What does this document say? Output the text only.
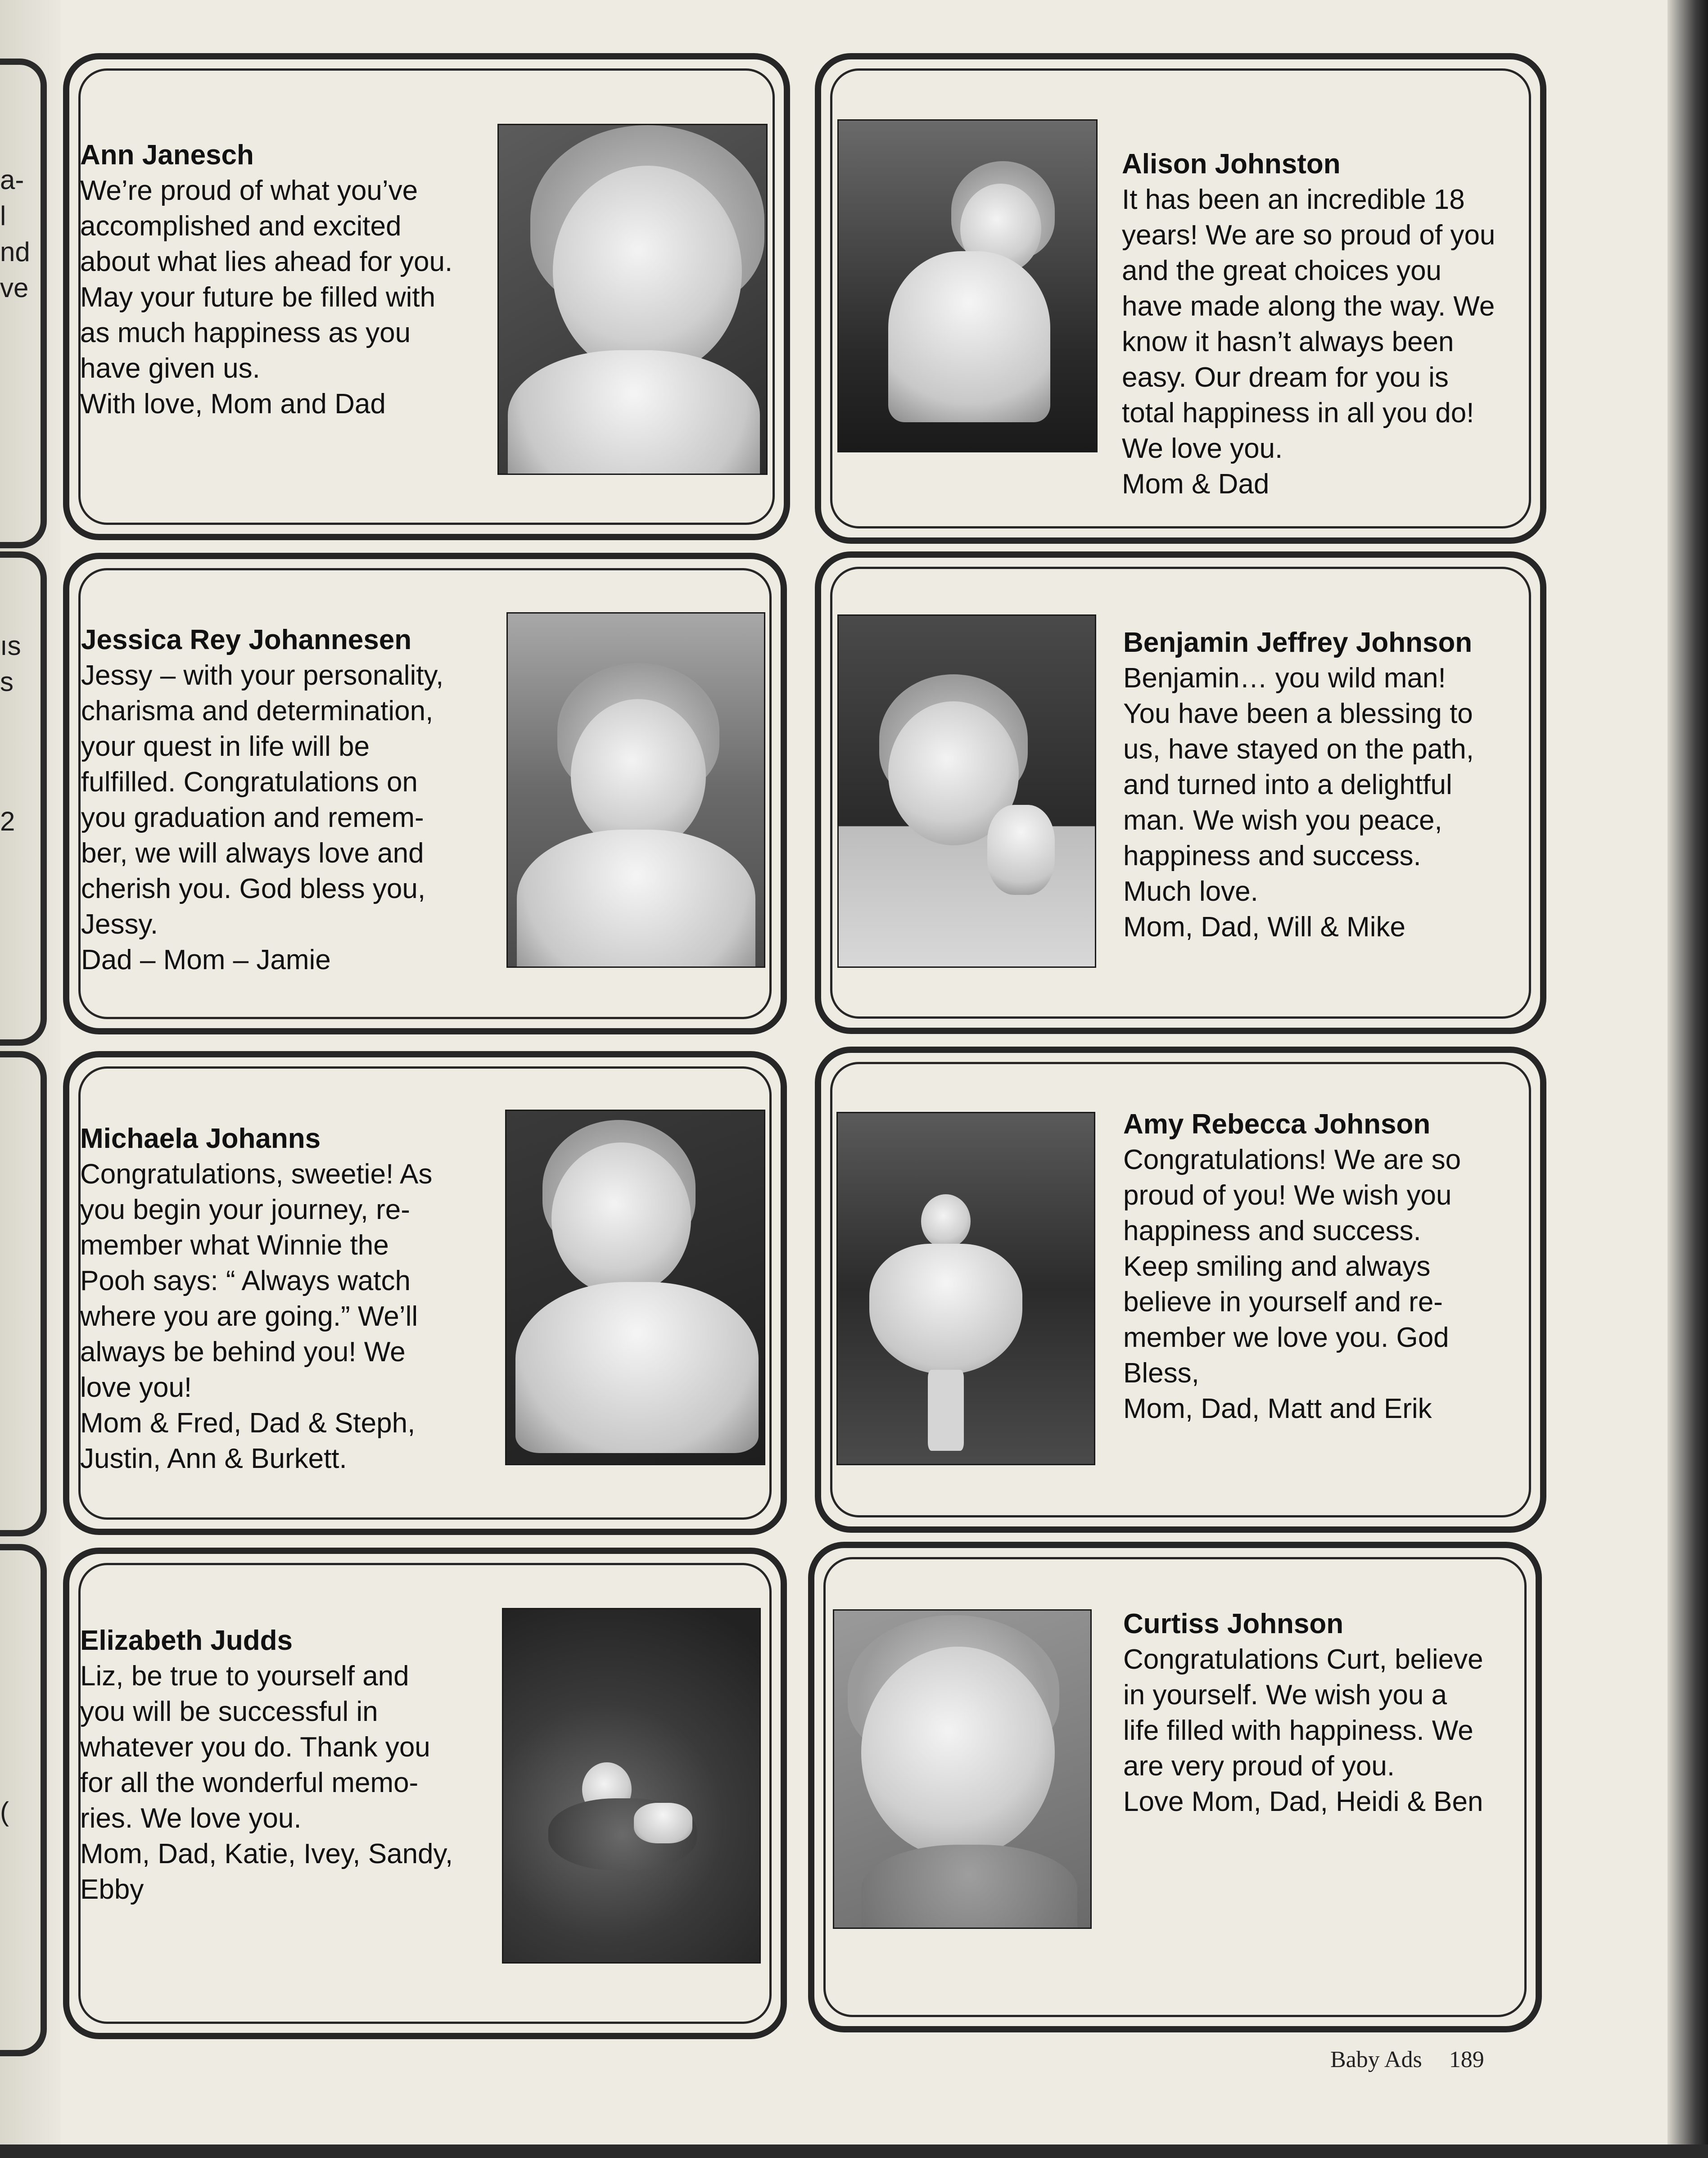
a-
l
nd
ve
ıs
s
2
(
Ann Janesch
We’re proud of what you’ve
accomplished and excited
about what lies ahead for you.
May your future be filled with
as much happiness as you
have given us.
With love, Mom and Dad
Alison Johnston
It has been an incredible 18
years! We are so proud of you
and the great choices you
have made along the way. We
know it hasn’t always been
easy. Our dream for you is
total happiness in all you do!
We love you.
Mom & Dad
Jessica Rey Johannesen
Jessy – with your personality,
charisma and determination,
your quest in life will be
fulfilled. Congratulations on
you graduation and remem-
ber, we will always love and
cherish you. God bless you,
Jessy.
Dad – Mom – Jamie
Benjamin Jeffrey Johnson
Benjamin… you wild man!
You have been a blessing to
us, have stayed on the path,
and turned into a delightful
man. We wish you peace,
happiness and success.
Much love.
Mom, Dad, Will & Mike
Michaela Johanns
Congratulations, sweetie! As
you begin your journey, re-
member what Winnie the
Pooh says: “ Always watch
where you are going.” We’ll
always be behind you! We
love you!
Mom & Fred, Dad & Steph,
Justin, Ann & Burkett.
Amy Rebecca Johnson
Congratulations! We are so
proud of you! We wish you
happiness and success.
Keep smiling and always
believe in yourself and re-
member we love you. God
Bless,
Mom, Dad, Matt and Erik
Elizabeth Judds
Liz, be true to yourself and
you will be successful in
whatever you do. Thank you
for all the wonderful memo-
ries. We love you.
Mom, Dad, Katie, Ivey, Sandy,
Ebby
Curtiss Johnson
Congratulations Curt, believe
in yourself. We wish you a
life filled with happiness. We
are very proud of you.
Love Mom, Dad, Heidi & Ben
Baby Ads 189
